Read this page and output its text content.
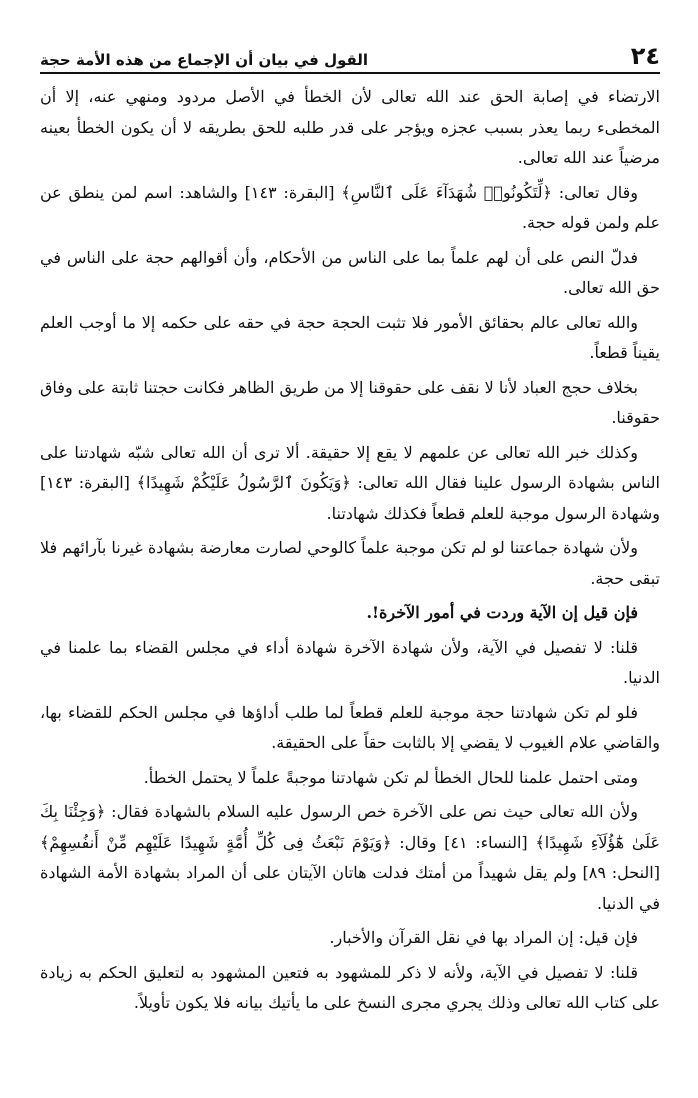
٢٤
القول في بيان أن الإجماع من هذه الأمة حجة

الارتضاء في إصابة الحق عند الله تعالى لأن الخطأ في الأصل مردود ومنهي عنه، إلا أن المخطىء ربما يعذر بسبب عجزه ويؤجر على قدر طلبه للحق بطريقه لا أن يكون الخطأ بعينه مرضياً عند الله تعالى.

وقال تعالى: ﴿لِّتَكُونُوا۟ شُهَدَآءَ عَلَى ٱلنَّاسِ﴾ [البقرة: ١٤٣] والشاهد: اسم لمن ينطق عن علم ولمن قوله حجة.

فدلّ النص على أن لهم علماً بما على الناس من الأحكام، وأن أقوالهم حجة على الناس في حق الله تعالى.

والله تعالى عالم بحقائق الأمور فلا تثبت الحجة حجة في حقه على حكمه إلا ما أوجب العلم يقيناً قطعاً.

بخلاف حجج العباد لأنا لا نقف على حقوقنا إلا من طريق الظاهر فكانت حجتنا ثابتة على وفاق حقوقنا.

وكذلك خبر الله تعالى عن علمهم لا يقع إلا حقيقة. ألا ترى أن الله تعالى شبّه شهادتنا على الناس بشهادة الرسول علينا فقال الله تعالى: ﴿وَيَكُونَ ٱلرَّسُولُ عَلَيْكُمْ شَهِيدًا﴾ [البقرة: ١٤٣] وشهادة الرسول موجبة للعلم قطعاً فكذلك شهادتنا.

ولأن شهادة جماعتنا لو لم تكن موجبة علماً كالوحي لصارت معارضة بشهادة غيرنا بآرائهم فلا تبقى حجة.

فإن قيل إن الآية وردت في أمور الآخرة!.

قلنا: لا تفصيل في الآية، ولأن شهادة الآخرة شهادة أداء في مجلس القضاء بما علمنا في الدنيا.

فلو لم تكن شهادتنا حجة موجبة للعلم قطعاً لما طلب أداؤها في مجلس الحكم للقضاء بها، والقاضي علام الغيوب لا يقضي إلا بالثابت حقاً على الحقيقة.

ومتى احتمل علمنا للحال الخطأ لم تكن شهادتنا موجبةً علماً لا يحتمل الخطأ.

ولأن الله تعالى حيث نص على الآخرة خص الرسول عليه السلام بالشهادة فقال: ﴿وَجِئْنَا بِكَ عَلَىٰ هَٰٓؤُلَآءِ شَهِيدًا﴾ [النساء: ٤١] وقال: ﴿وَيَوْمَ نَبْعَثُ فِى كُلِّ أُمَّةٍ شَهِيدًا عَلَيْهِم مِّنْ أَنفُسِهِمْ﴾ [النحل: ٨٩] ولم يقل شهيداً من أمتك فدلت هاتان الآيتان على أن المراد بشهادة الأمة الشهادة في الدنيا.

فإن قيل: إن المراد بها في نقل القرآن والأخبار.

قلنا: لا تفصيل في الآية، ولأنه لا ذكر للمشهود به فتعين المشهود به لتعليق الحكم به زيادة على كتاب الله تعالى وذلك يجري مجرى النسخ على ما يأتيك بيانه فلا يكون تأويلاً.
